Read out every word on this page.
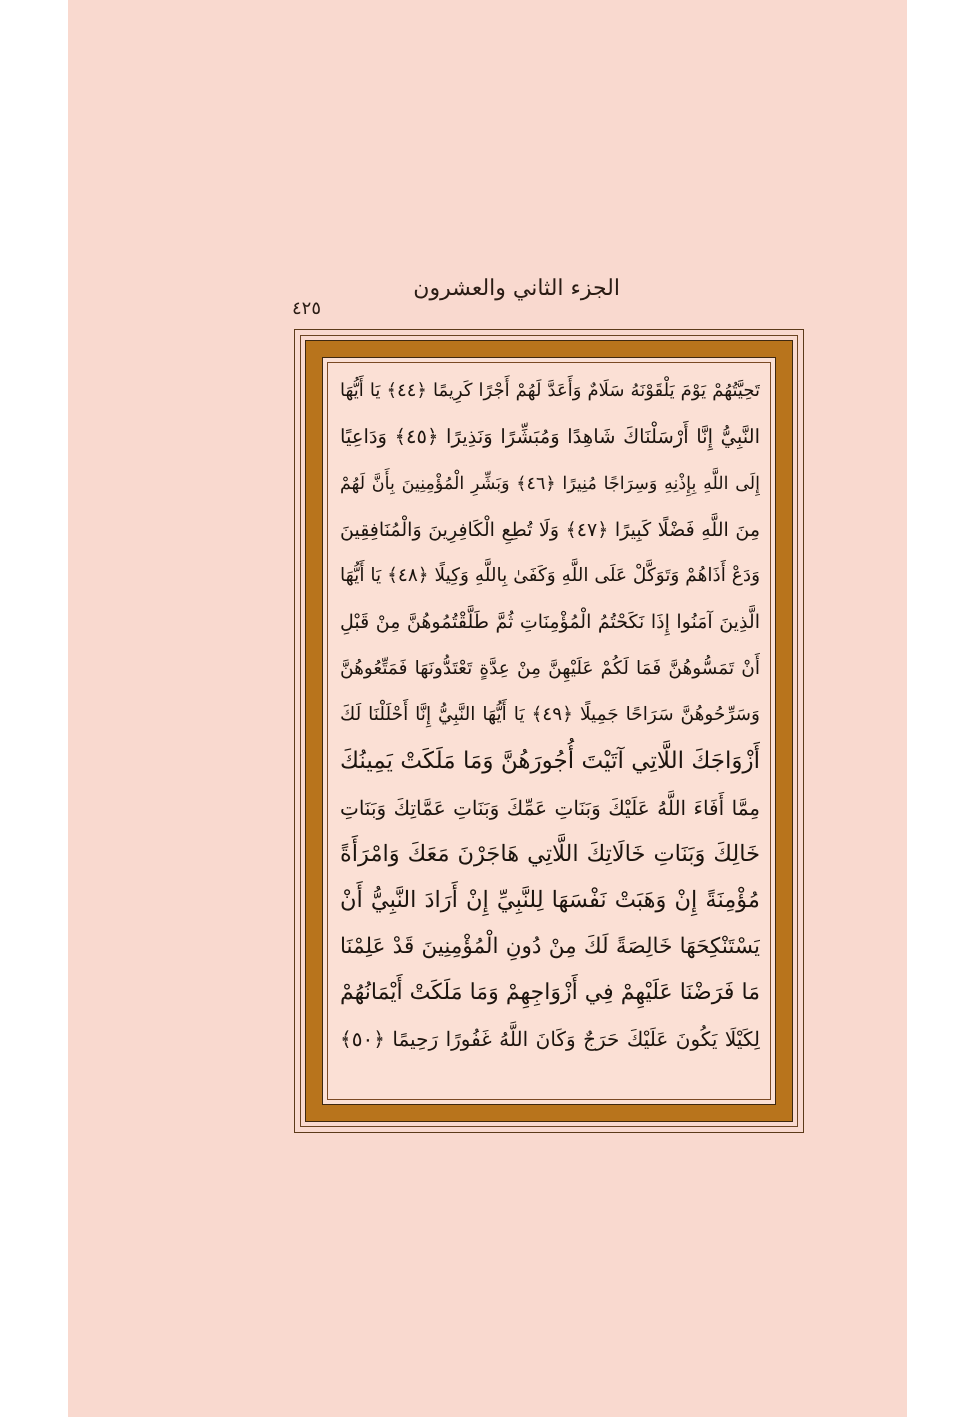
الجزء الثاني والعشرون
٤٢٥
تَحِيَّتُهُمْ يَوْمَ يَلْقَوْنَهُ سَلَامٌ وَأَعَدَّ لَهُمْ أَجْرًا كَرِيمًا ﴿٤٤﴾ يَا أَيُّهَا
النَّبِيُّ إِنَّا أَرْسَلْنَاكَ شَاهِدًا وَمُبَشِّرًا وَنَذِيرًا ﴿٤٥﴾ وَدَاعِيًا
إِلَى اللَّهِ بِإِذْنِهِ وَسِرَاجًا مُنِيرًا ﴿٤٦﴾ وَبَشِّرِ الْمُؤْمِنِينَ بِأَنَّ لَهُمْ
مِنَ اللَّهِ فَضْلًا كَبِيرًا ﴿٤٧﴾ وَلَا تُطِعِ الْكَافِرِينَ وَالْمُنَافِقِينَ
وَدَعْ أَذَاهُمْ وَتَوَكَّلْ عَلَى اللَّهِ وَكَفَىٰ بِاللَّهِ وَكِيلًا ﴿٤٨﴾ يَا أَيُّهَا
الَّذِينَ آمَنُوا إِذَا نَكَحْتُمُ الْمُؤْمِنَاتِ ثُمَّ طَلَّقْتُمُوهُنَّ مِنْ قَبْلِ
أَنْ تَمَسُّوهُنَّ فَمَا لَكُمْ عَلَيْهِنَّ مِنْ عِدَّةٍ تَعْتَدُّونَهَا فَمَتِّعُوهُنَّ
وَسَرِّحُوهُنَّ سَرَاحًا جَمِيلًا ﴿٤٩﴾ يَا أَيُّهَا النَّبِيُّ إِنَّا أَحْلَلْنَا لَكَ
أَزْوَاجَكَ اللَّاتِي آتَيْتَ أُجُورَهُنَّ وَمَا مَلَكَتْ يَمِينُكَ
مِمَّا أَفَاءَ اللَّهُ عَلَيْكَ وَبَنَاتِ عَمِّكَ وَبَنَاتِ عَمَّاتِكَ وَبَنَاتِ
خَالِكَ وَبَنَاتِ خَالَاتِكَ اللَّاتِي هَاجَرْنَ مَعَكَ وَامْرَأَةً
مُؤْمِنَةً إِنْ وَهَبَتْ نَفْسَهَا لِلنَّبِيِّ إِنْ أَرَادَ النَّبِيُّ أَنْ
يَسْتَنْكِحَهَا خَالِصَةً لَكَ مِنْ دُونِ الْمُؤْمِنِينَ قَدْ عَلِمْنَا
مَا فَرَضْنَا عَلَيْهِمْ فِي أَزْوَاجِهِمْ وَمَا مَلَكَتْ أَيْمَانُهُمْ
لِكَيْلَا يَكُونَ عَلَيْكَ حَرَجٌ وَكَانَ اللَّهُ غَفُورًا رَحِيمًا ﴿٥٠﴾
